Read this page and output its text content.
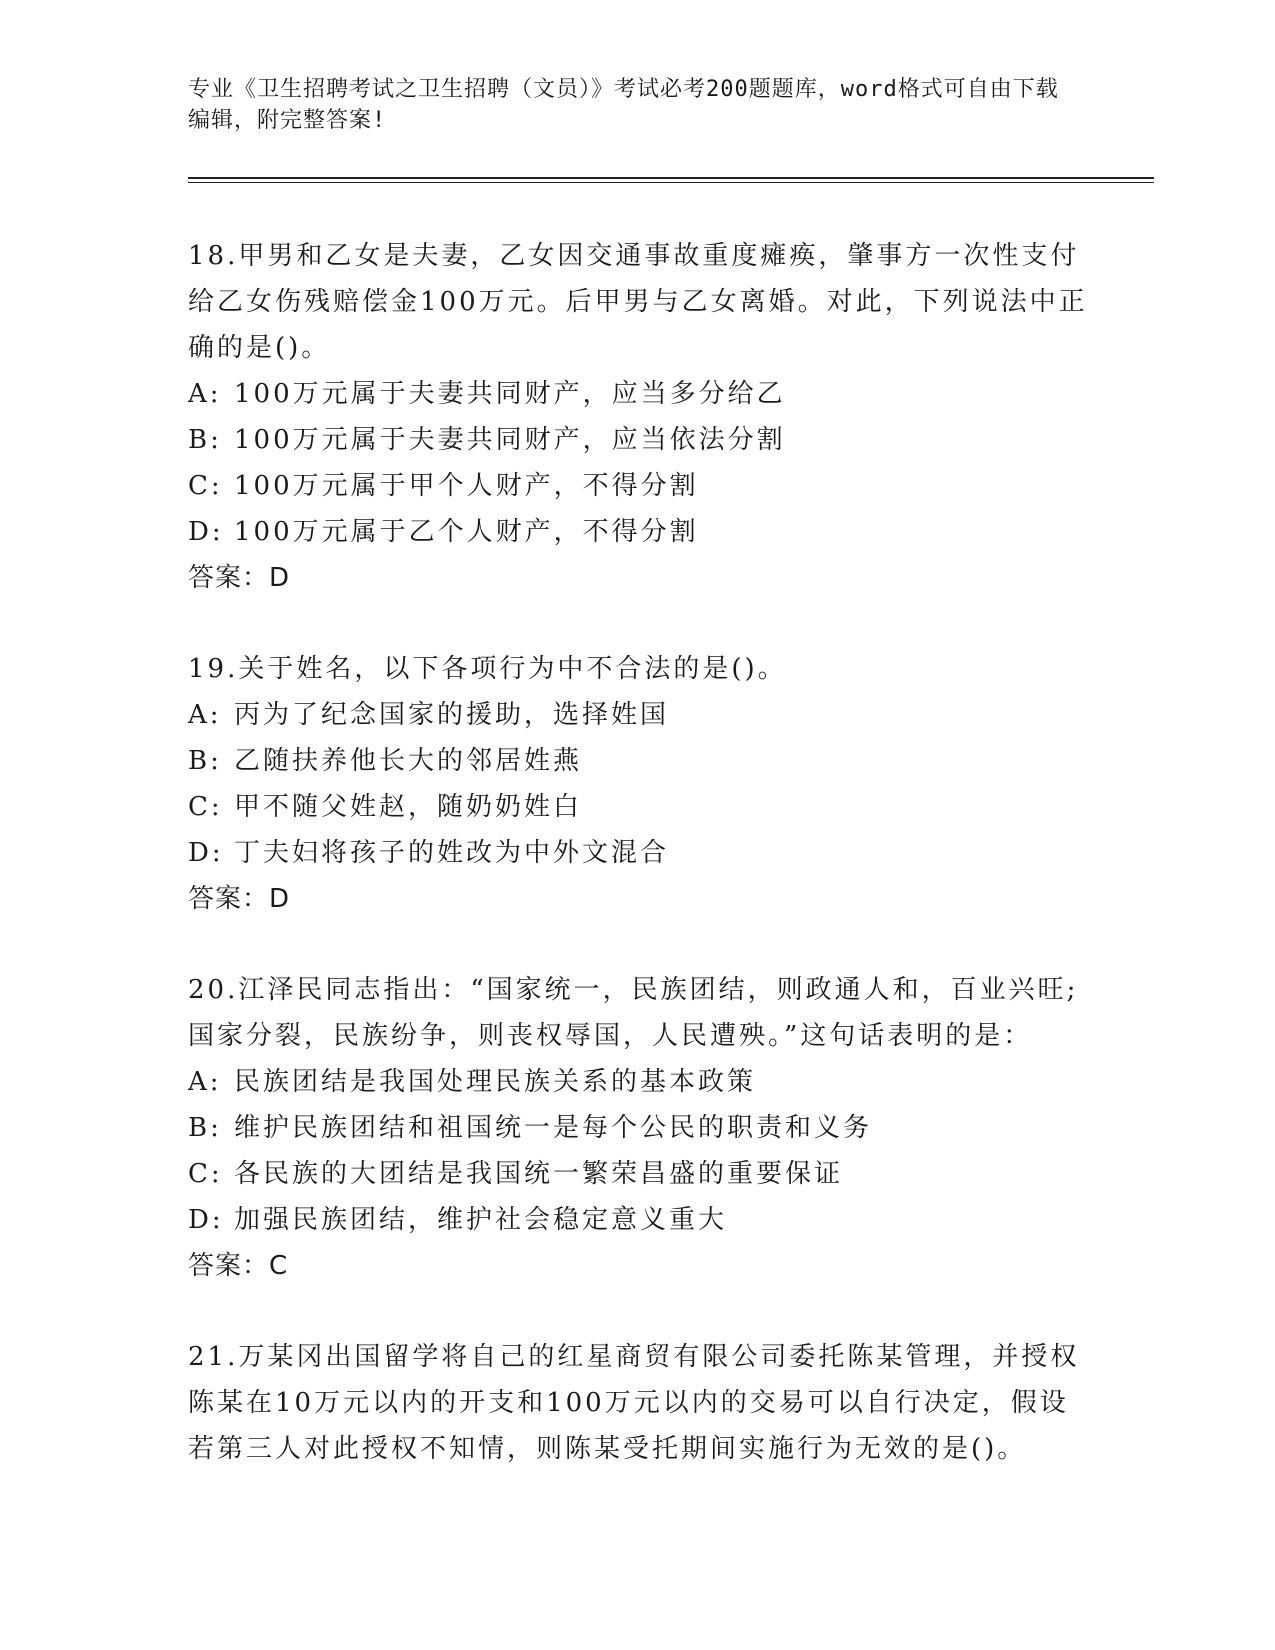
专业《卫生招聘考试之卫生招聘（文员）》考试必考200题题库，word格式可自由下载编辑，附完整答案!
18.甲男和乙女是夫妻，乙女因交通事故重度瘫痪，肇事方一次性支付给乙女伤残赔偿金100万元。后甲男与乙女离婚。对此，下列说法中正确的是()。
A: 100万元属于夫妻共同财产，应当多分给乙
B: 100万元属于夫妻共同财产，应当依法分割
C: 100万元属于甲个人财产，不得分割
D: 100万元属于乙个人财产，不得分割
答案：D
19.关于姓名，以下各项行为中不合法的是()。
A: 丙为了纪念国家的援助，选择姓国
B: 乙随扶养他长大的邻居姓燕
C: 甲不随父姓赵，随奶奶姓白
D: 丁夫妇将孩子的姓改为中外文混合
答案：D
20.江泽民同志指出：“国家统一，民族团结，则政通人和，百业兴旺;国家分裂，民族纷争，则丧权辱国，人民遭殃。”这句话表明的是：
A: 民族团结是我国处理民族关系的基本政策
B: 维护民族团结和祖国统一是每个公民的职责和义务
C: 各民族的大团结是我国统一繁荣昌盛的重要保证
D: 加强民族团结，维护社会稳定意义重大
答案：C
21.万某冈出国留学将自己的红星商贸有限公司委托陈某管理，并授权陈某在10万元以内的开支和100万元以内的交易可以自行决定，假设若第三人对此授权不知情，则陈某受托期间实施行为无效的是()。
